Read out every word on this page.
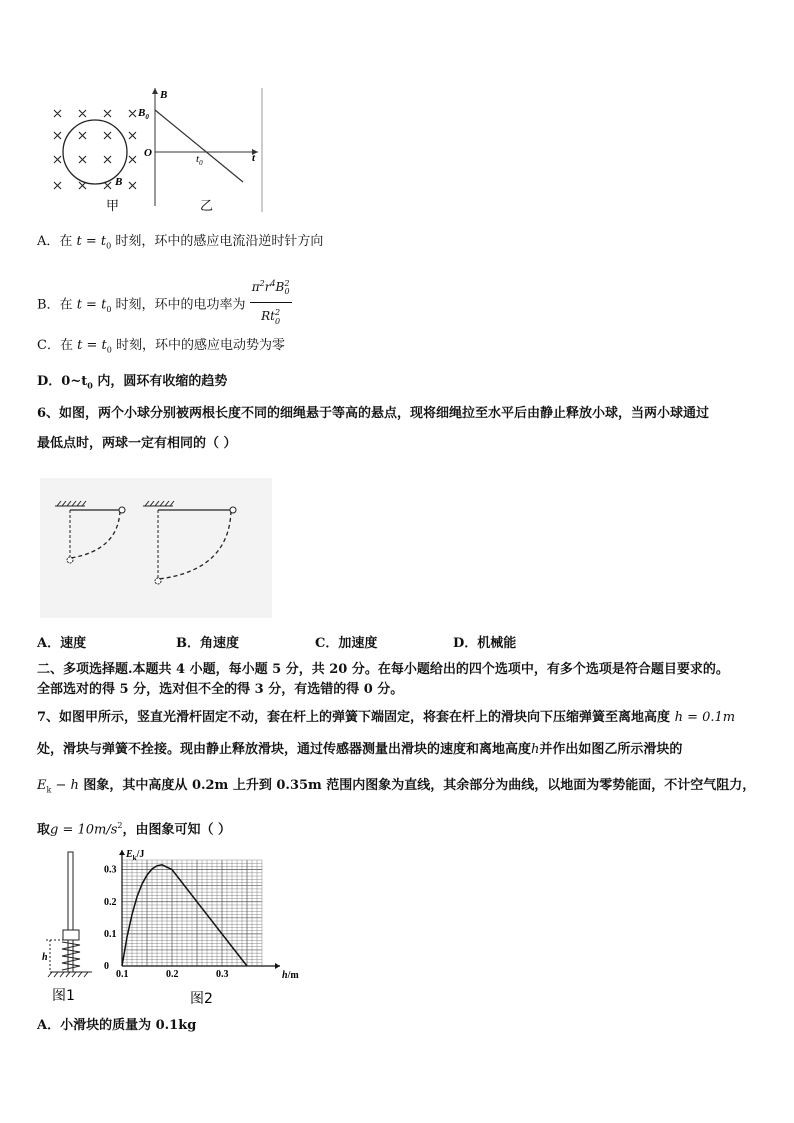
B
甲
B
$B_0$
O	$t_0$	t
乙
A．在 $t = t_0$ 时刻，环中的感应电流沿逆时针方向
B．在 $t = t_0$ 时刻，环中的电功率为 $\frac{\pi^2r^4B^2_0}{Rt^2_0}$
C．在 $t = t_0$ 时刻，环中的感应电动势为零
D．$0\sim t_0$ 内，圆环有收缩的趋势
6、如图，两个小球分别被两根长度不同的细绳悬于等高的悬点，现将细绳拉至水平后由静止释放小球，当两小球通过
最低点时，两球一定有相同的（ ）
A．速度	B．角速度	C．加速度	D．机械能
二、多项选择题.本题共 4 小题，每小题 5 分，共 20 分。在每小题给出的四个选项中，有多个选项是符合题目要求的。
全部选对的得 5 分，选对但不全的得 3 分，有选错的得 0 分。
7、如图甲所示，竖直光滑杆固定不动，套在杆上的弹簧下端固定，将套在杆上的滑块向下压缩弹簧至离地高度 h = 0.1m
处，滑块与弹簧不拴接。现由静止释放滑块，通过传感器测量出滑块的速度和离地高度h并作出如图乙所示滑块的
$E_k - h$ 图象，其中高度从 0.2m 上升到 0.35m 范围内图象为直线，其余部分为曲线，以地面为零势能面，不计空气阻力，
取$g = 10m/s^2$，由图象可知（ ）
h
图1
0.1	0.2	0.3
0
0.1
0.2
0.3
$E_k/J$
h/m
图2
A．小滑块的质量为 0.1kg
